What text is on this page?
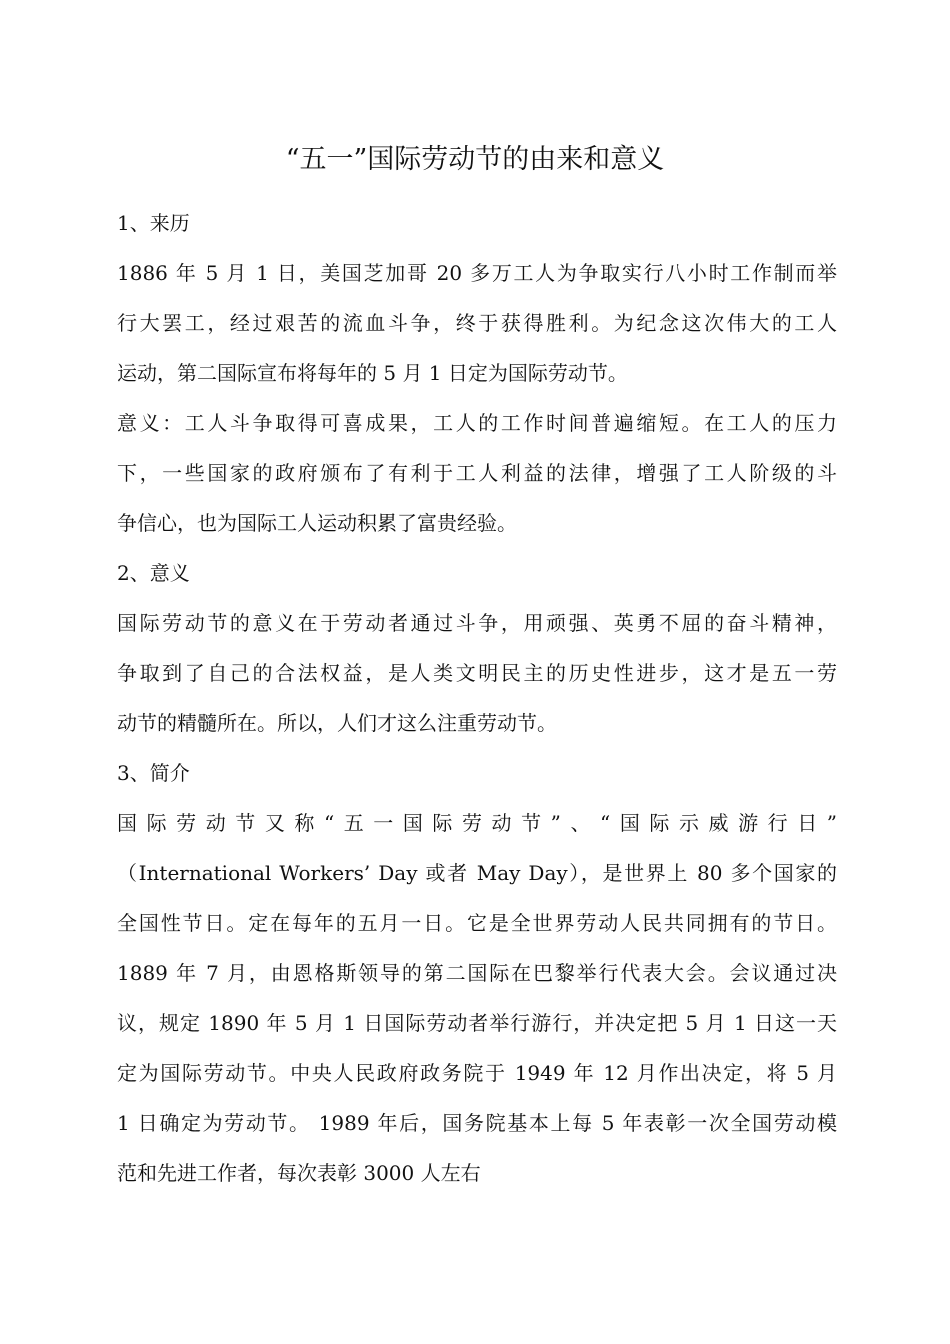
“五一”国际劳动节的由来和意义
1、来历
1886 年 5 月 1 日，美国芝加哥 20 多万工人为争取实行八小时工作制而举
行大罢工，经过艰苦的流血斗争，终于获得胜利。为纪念这次伟大的工人
运动，第二国际宣布将每年的 5 月 1 日定为国际劳动节。
意义：工人斗争取得可喜成果，工人的工作时间普遍缩短。在工人的压力
下，一些国家的政府颁布了有利于工人利益的法律，增强了工人阶级的斗
争信心，也为国际工人运动积累了富贵经验。
2、意义
国际劳动节的意义在于劳动者通过斗争，用顽强、英勇不屈的奋斗精神，
争取到了自己的合法权益，是人类文明民主的历史性进步，这才是五一劳
动节的精髓所在。所以，人们才这么注重劳动节。
3、简介
国际劳动节又称“五一国际劳动节”、“国际示威游行日”
（International Workers’ Day 或者 May Day），是世界上 80 多个国家的
全国性节日。定在每年的五月一日。它是全世界劳动人民共同拥有的节日。
1889 年 7 月，由恩格斯领导的第二国际在巴黎举行代表大会。会议通过决
议，规定 1890 年 5 月 1 日国际劳动者举行游行，并决定把 5 月 1 日这一天
定为国际劳动节。中央人民政府政务院于 1949 年 12 月作出决定，将 5 月
1 日确定为劳动节。 1989 年后，国务院基本上每 5 年表彰一次全国劳动模
范和先进工作者，每次表彰 3000 人左右
